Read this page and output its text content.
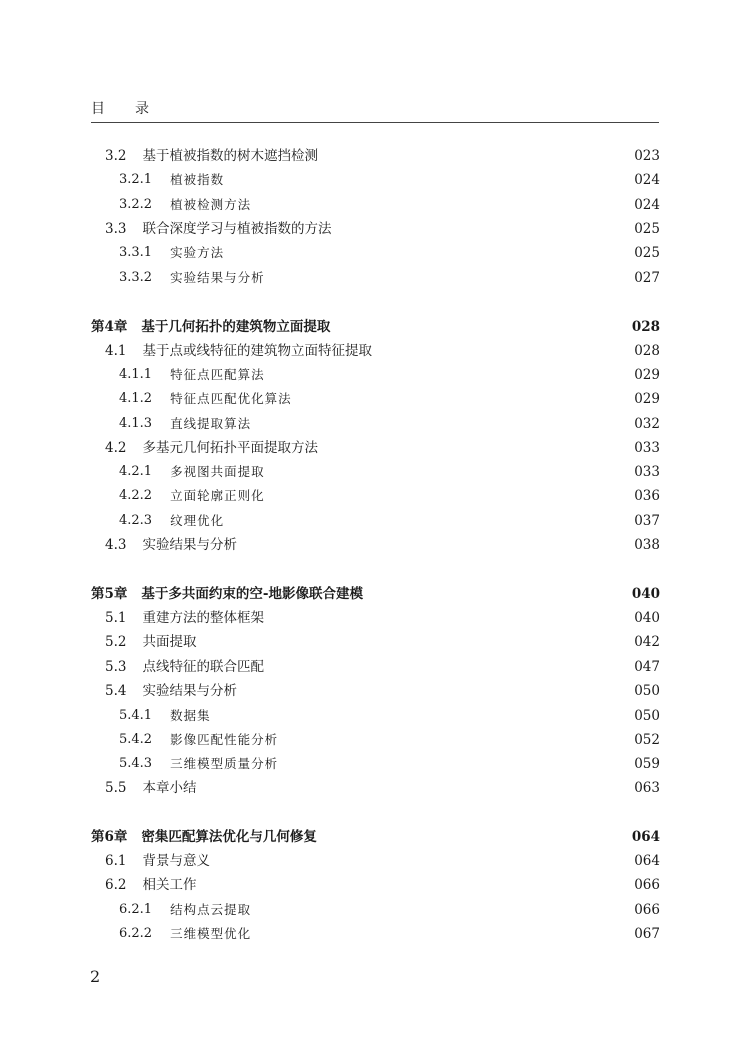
目 录
3.2 基于植被指数的树木遮挡检测	023
3.2.1 植被指数	024
3.2.2 植被检测方法	024
3.3 联合深度学习与植被指数的方法	025
3.3.1 实验方法	025
3.3.2 实验结果与分析	027
第4章 基于几何拓扑的建筑物立面提取	028
4.1 基于点或线特征的建筑物立面特征提取	028
4.1.1 特征点匹配算法	029
4.1.2 特征点匹配优化算法	029
4.1.3 直线提取算法	032
4.2 多基元几何拓扑平面提取方法	033
4.2.1 多视图共面提取	033
4.2.2 立面轮廓正则化	036
4.2.3 纹理优化	037
4.3 实验结果与分析	038
第5章 基于多共面约束的空-地影像联合建模	040
5.1 重建方法的整体框架	040
5.2 共面提取	042
5.3 点线特征的联合匹配	047
5.4 实验结果与分析	050
5.4.1 数据集	050
5.4.2 影像匹配性能分析	052
5.4.3 三维模型质量分析	059
5.5 本章小结	063
第6章 密集匹配算法优化与几何修复	064
6.1 背景与意义	064
6.2 相关工作	066
6.2.1 结构点云提取	066
6.2.2 三维模型优化	067
2
